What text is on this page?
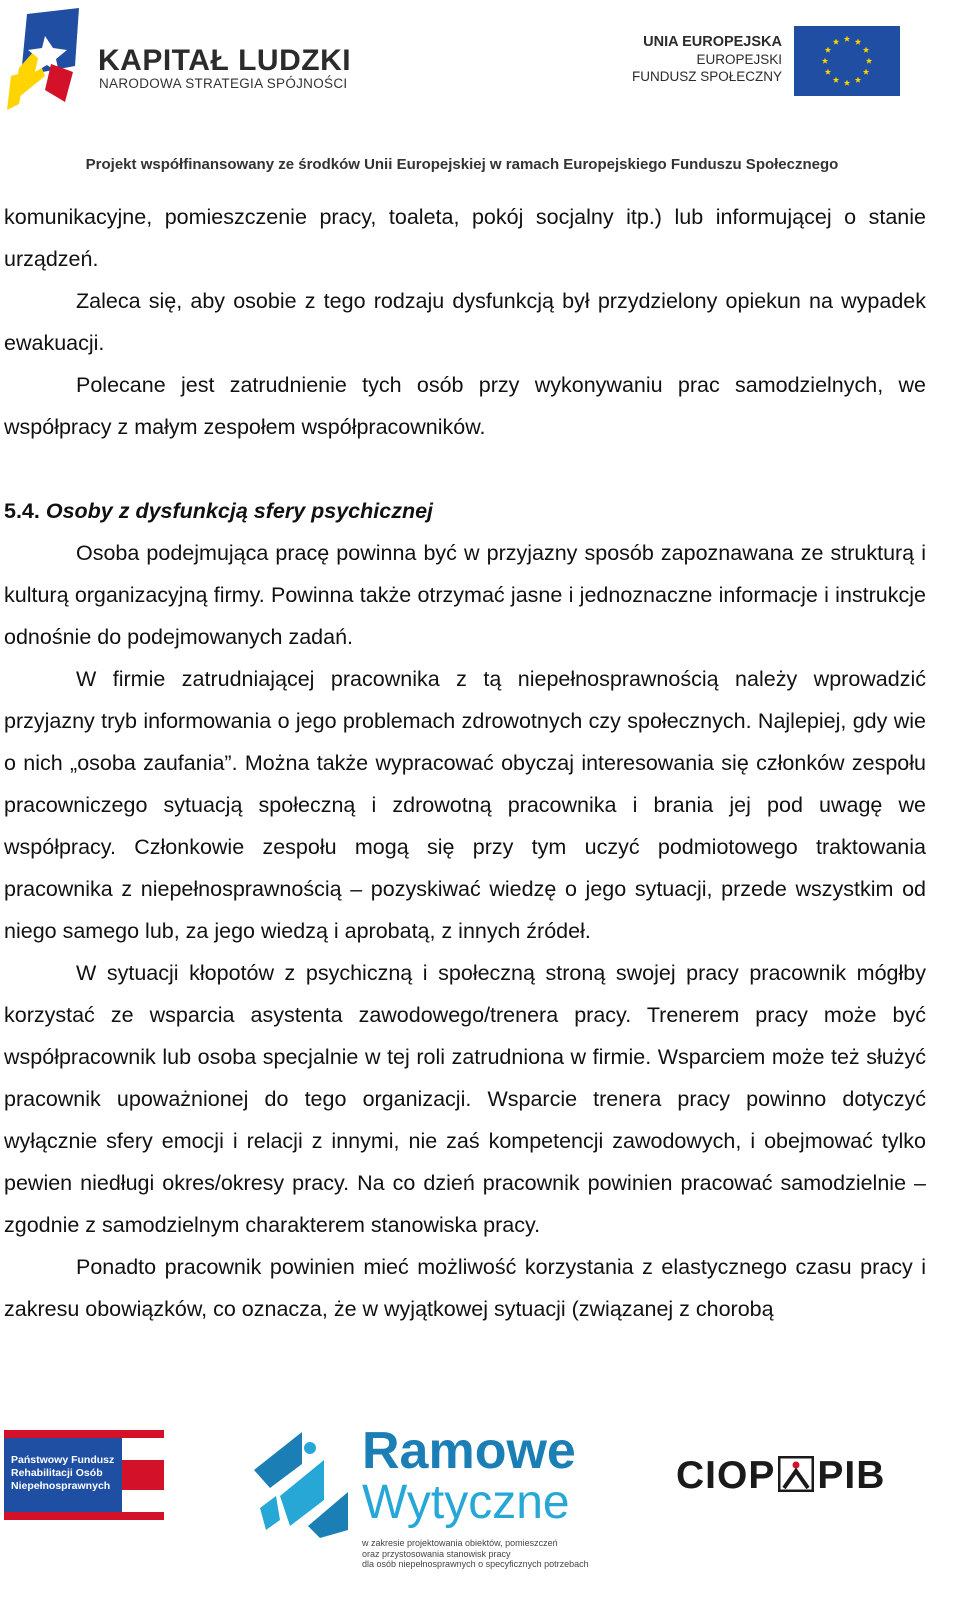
KAPITAŁ LUDZKI
NARODOWA STRATEGIA SPÓJNOŚCI
UNIA EUROPEJSKA
EUROPEJSKI
FUNDUSZ SPOŁECZNY
Projekt współfinansowany ze środków Unii Europejskiej w ramach Europejskiego Funduszu Społecznego

komunikacyjne, pomieszczenie pracy, toaleta, pokój socjalny itp.) lub informującej o stanie urządzeń.

Zaleca się, aby osobie z tego rodzaju dysfunkcją był przydzielony opiekun na wypadek ewakuacji.

Polecane jest zatrudnienie tych osób przy wykonywaniu prac samodzielnych, we współpracy z małym zespołem współpracowników.

5.4. Osoby z dysfunkcją sfery psychicznej

Osoba podejmująca pracę powinna być w przyjazny sposób zapoznawana ze strukturą i kulturą organizacyjną firmy. Powinna także otrzymać jasne i jednoznaczne informacje i instrukcje odnośnie do podejmowanych zadań.

W firmie zatrudniającej pracownika z tą niepełnosprawnością należy wprowadzić przyjazny tryb informowania o jego problemach zdrowotnych czy społecznych. Najlepiej, gdy wie o nich „osoba zaufania”. Można także wypracować obyczaj interesowania się członków zespołu pracowniczego sytuacją społeczną i zdrowotną pracownika i brania jej pod uwagę we współpracy. Członkowie zespołu mogą się przy tym uczyć podmiotowego traktowania pracownika z niepełnosprawnością – pozyskiwać wiedzę o jego sytuacji, przede wszystkim od niego samego lub, za jego wiedzą i aprobatą, z innych źródeł.

W sytuacji kłopotów z psychiczną i społeczną stroną swojej pracy pracownik mógłby korzystać ze wsparcia asystenta zawodowego/trenera pracy. Trenerem pracy może być współpracownik lub osoba specjalnie w tej roli zatrudniona w firmie. Wsparciem może też służyć pracownik upoważnionej do tego organizacji. Wsparcie trenera pracy powinno dotyczyć wyłącznie sfery emocji i relacji z innymi, nie zaś kompetencji zawodowych, i obejmować tylko pewien niedługi okres/okresy pracy. Na co dzień pracownik powinien pracować samodzielnie – zgodnie z samodzielnym charakterem stanowiska pracy.

Ponadto pracownik powinien mieć możliwość korzystania z elastycznego czasu pracy i zakresu obowiązków, co oznacza, że w wyjątkowej sytuacji (związanej z chorobą

Państwowy Fundusz
Rehabilitacji Osób
Niepełnosprawnych
Ramowe
Wytyczne
w zakresie projektowania obiektów, pomieszczeń
oraz przystosowania stanowisk pracy
dla osób niepełnosprawnych o specyficznych potrzebach
CIOP PIB
